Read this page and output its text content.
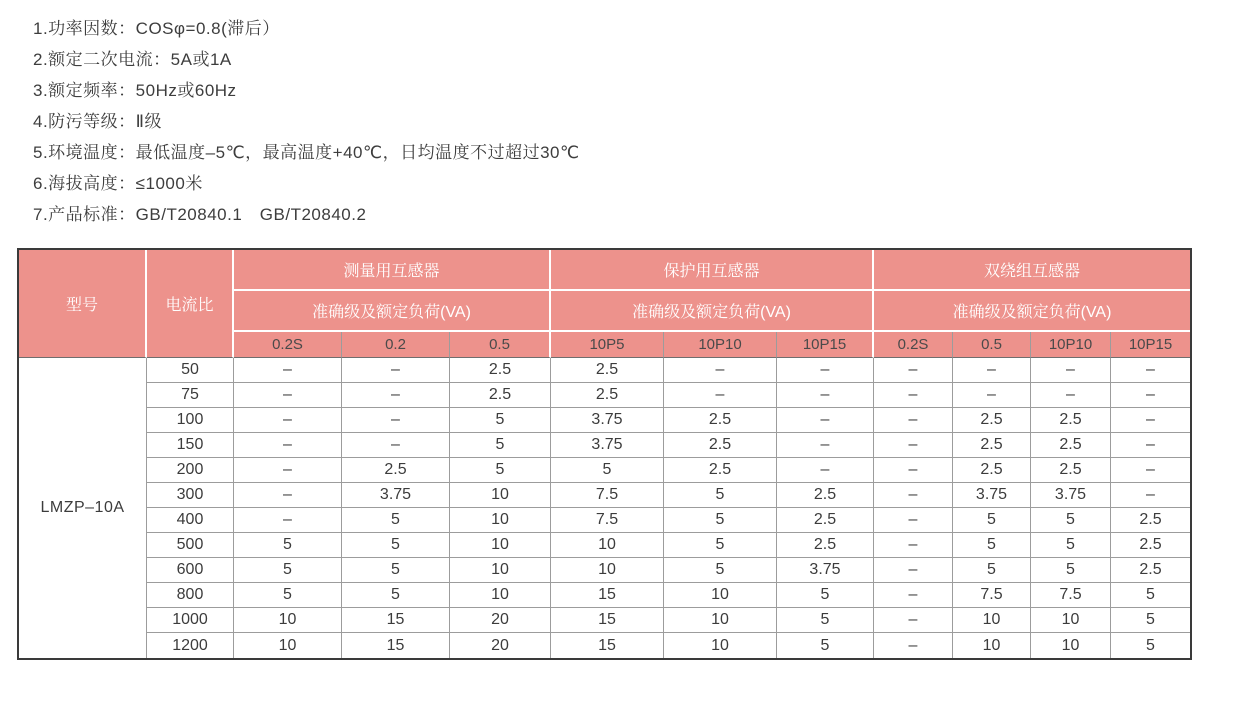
1.功率因数：COSφ=0.8(滞后）
2.额定二次电流：5A或1A
3.额定频率：50Hz或60Hz
4.防污等级：Ⅱ级
5.环境温度：最低温度–5℃，最高温度+40℃，日均温度不过超过30℃
6.海拔高度：≤1000米
7.产品标准：GB/T20840.1　GB/T20840.2
型号	电流比	测量用互感器			保护用互感器			双绕组互感器			
		准确级及额定负荷(VA)			准确级及额定负荷(VA)			准确级及额定负荷(VA)			
		0.2S	0.2	0.5	10P5	10P10	10P15	0.2S	0.5	10P10	10P15
LMZP–10A	50	–	–	2.5	2.5	–	–	–	–	–	–
	75	–	–	2.5	2.5	–	–	–	–	–	–
	100	–	–	5	3.75	2.5	–	–	2.5	2.5	–
	150	–	–	5	3.75	2.5	–	–	2.5	2.5	–
	200	–	2.5	5	5	2.5	–	–	2.5	2.5	–
	300	–	3.75	10	7.5	5	2.5	–	3.75	3.75	–
	400	–	5	10	7.5	5	2.5	–	5	5	2.5
	500	5	5	10	10	5	2.5	–	5	5	2.5
	600	5	5	10	10	5	3.75	–	5	5	2.5
	800	5	5	10	15	10	5	–	7.5	7.5	5
	1000	10	15	20	15	10	5	–	10	10	5
	1200	10	15	20	15	10	5	–	10	10	5
